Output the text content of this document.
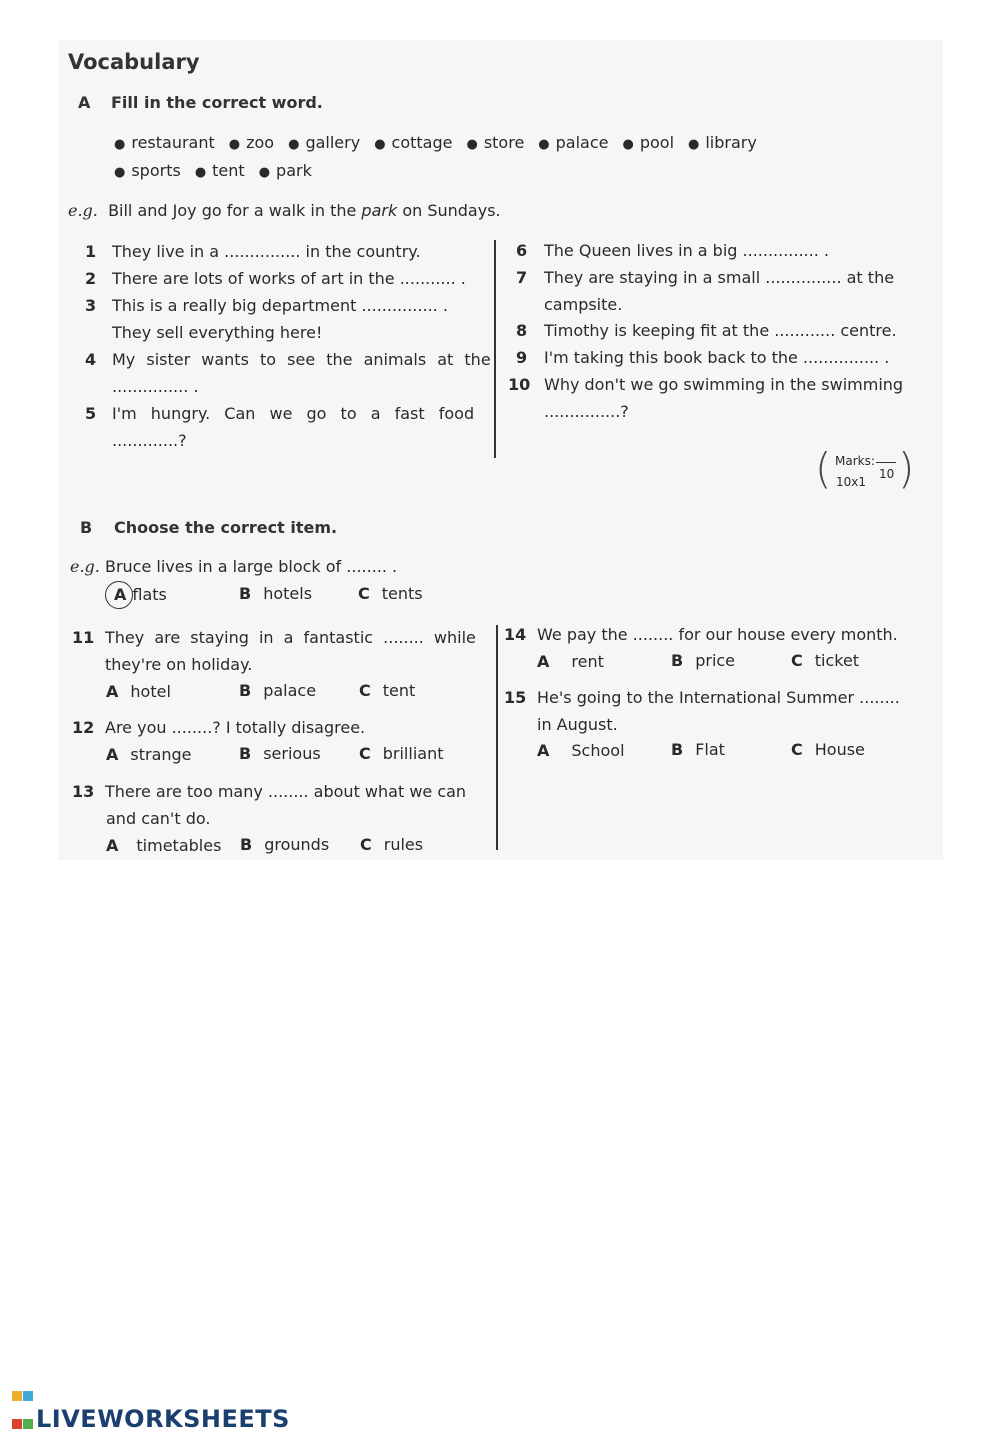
Vocabulary
A Fill in the correct word.
● restaurant ● zoo ● gallery ● cottage ● store ● palace ● pool ● library
● sports ● tent ● park
e.g. Bill and Joy go for a walk in the park on Sundays.
1 They live in a ............... in the country.
2 There are lots of works of art in the ........... .
3 This is a really big department ............... .
They sell everything here!
4 My sister wants to see the animals at the
............... .
5 I'm hungry. Can we go to a fast food
.............?
6 The Queen lives in a big ............... .
7 They are staying in a small ............... at the
campsite.
8 Timothy is keeping fit at the ............ centre.
9 I'm taking this book back to the ............... .
10 Why don't we go swimming in the swimming
...............?
( Marks:
10
10x1 )
B Choose the correct item.
e.g. Bruce lives in a large block of ........ .
A flats	B hotels	C tents
11 They are staying in a fantastic ........ while
they're on holiday.
A hotel	B palace	C tent
12 Are you ........? I totally disagree.
A strange	B serious C brilliant
13 There are too many ........ about what we can
and can't do.
A timetables B grounds C rules
14 We pay the ........ for our house every month.
A rent	B price	C ticket
15 He's going to the International Summer ........
in August.
A School	B Flat	C House
LIVEWORKSHEETS
